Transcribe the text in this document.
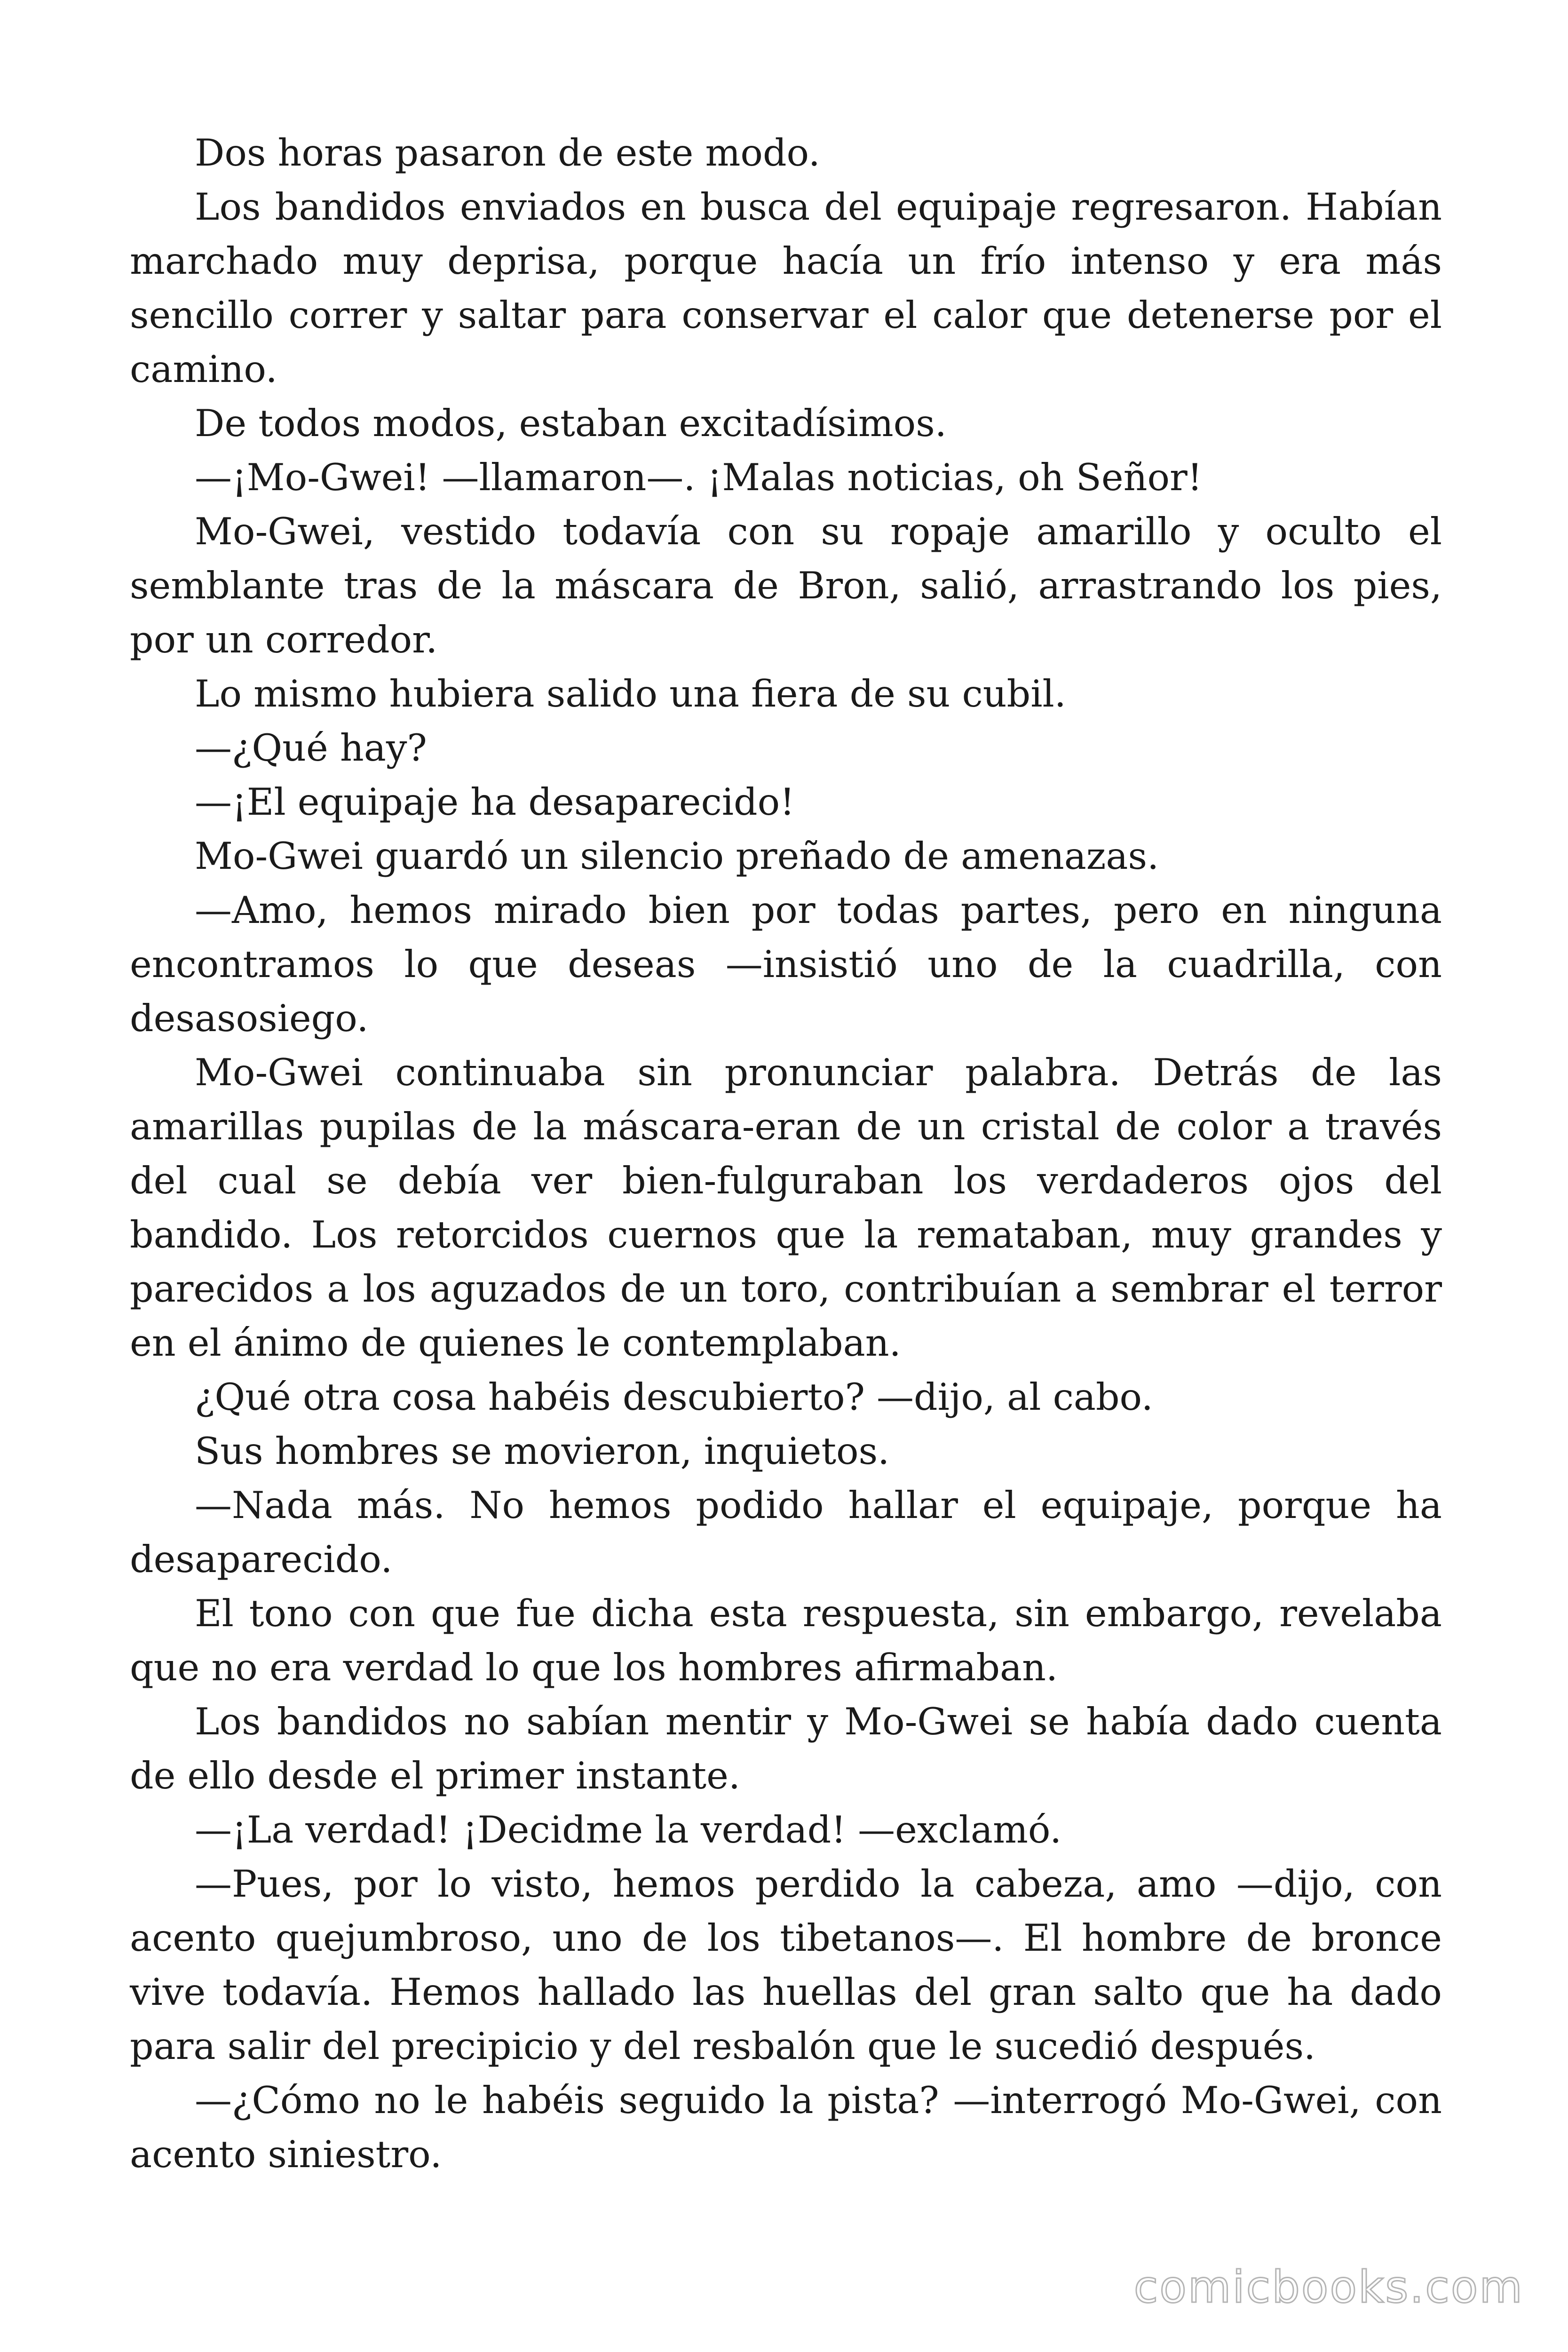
Dos horas pasaron de este modo.

Los bandidos enviados en busca del equipaje regresaron. Habían marchado muy deprisa, porque hacía un frío intenso y era más sencillo correr y saltar para conservar el calor que detenerse por el camino.

De todos modos, estaban excitadísimos.

—¡Mo-Gwei! —llamaron—. ¡Malas noticias, oh Señor!

Mo-Gwei, vestido todavía con su ropaje amarillo y oculto el semblante tras de la máscara de Bron, salió, arrastrando los pies, por un corredor.

Lo mismo hubiera salido una fiera de su cubil.

—¿Qué hay?

—¡El equipaje ha desaparecido!

Mo-Gwei guardó un silencio preñado de amenazas.

—Amo, hemos mirado bien por todas partes, pero en ninguna encontramos lo que deseas —insistió uno de la cuadrilla, con desasosiego.

Mo-Gwei continuaba sin pronunciar palabra. Detrás de las amarillas pupilas de la máscara-eran de un cristal de color a través del cual se debía ver bien-fulguraban los verdaderos ojos del bandido. Los retorcidos cuernos que la remataban, muy grandes y parecidos a los aguzados de un toro, contribuían a sembrar el terror en el ánimo de quienes le contemplaban.

¿Qué otra cosa habéis descubierto? —dijo, al cabo.

Sus hombres se movieron, inquietos.

—Nada más. No hemos podido hallar el equipaje, porque ha desaparecido.

El tono con que fue dicha esta respuesta, sin embargo, revelaba que no era verdad lo que los hombres afirmaban.

Los bandidos no sabían mentir y Mo-Gwei se había dado cuenta de ello desde el primer instante.

—¡La verdad! ¡Decidme la verdad! —exclamó.

—Pues, por lo visto, hemos perdido la cabeza, amo —dijo, con acento quejumbroso, uno de los tibetanos—. El hombre de bronce vive todavía. Hemos hallado las huellas del gran salto que ha dado para salir del precipicio y del resbalón que le sucedió después.

—¿Cómo no le habéis seguido la pista? —interrogó Mo-Gwei, con acento siniestro.

comicbooks.com
